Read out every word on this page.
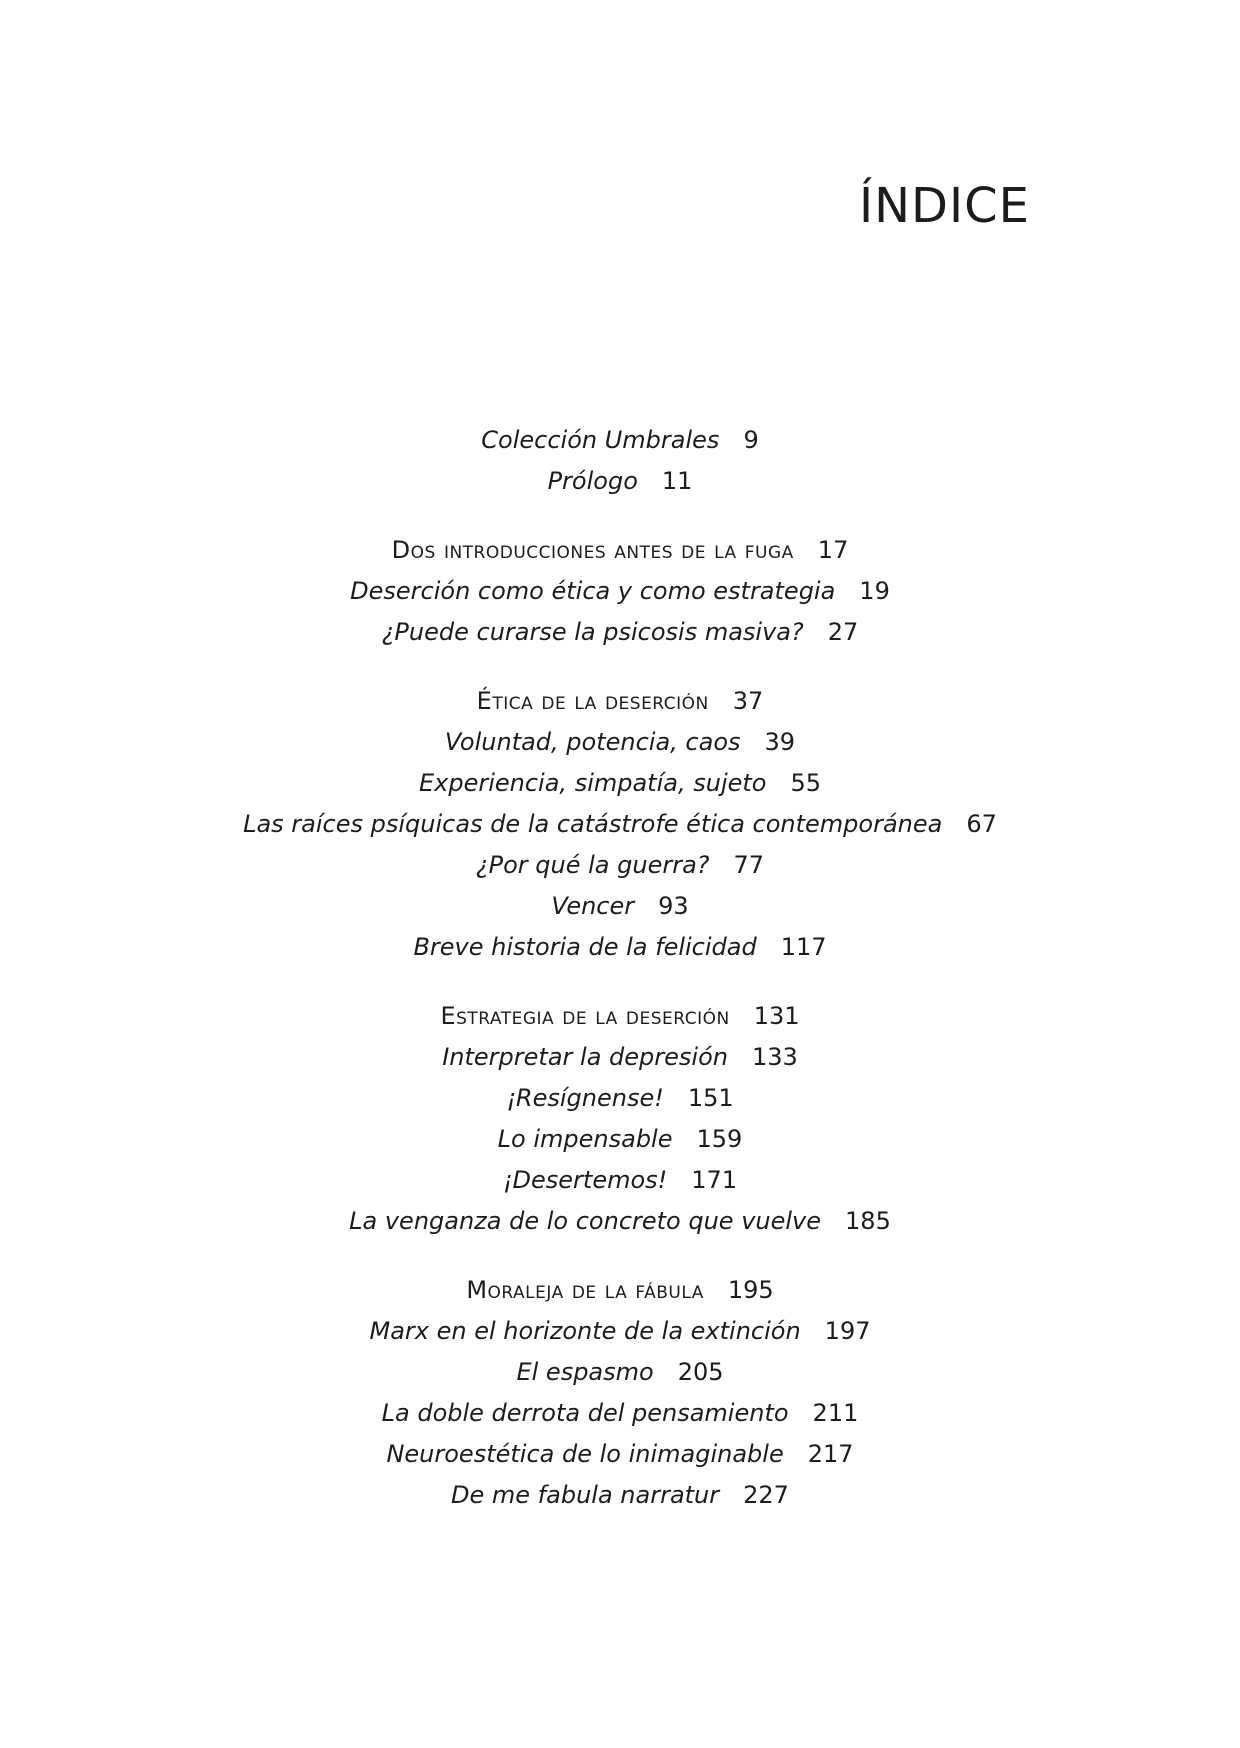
ÍNDICE
Colección Umbrales 9
Prólogo 11
Dos introducciones antes de la fuga 17
Deserción como ética y como estrategia 19
¿Puede curarse la psicosis masiva? 27
Ética de la deserción 37
Voluntad, potencia, caos 39
Experiencia, simpatía, sujeto 55
Las raíces psíquicas de la catástrofe ética contemporánea 67
¿Por qué la guerra? 77
Vencer 93
Breve historia de la felicidad 117
Estrategia de la deserción 131
Interpretar la depresión 133
¡Resígnense! 151
Lo impensable 159
¡Desertemos! 171
La venganza de lo concreto que vuelve 185
Moraleja de la fábula 195
Marx en el horizonte de la extinción 197
El espasmo 205
La doble derrota del pensamiento 211
Neuroestética de lo inimaginable 217
De me fabula narratur 227
